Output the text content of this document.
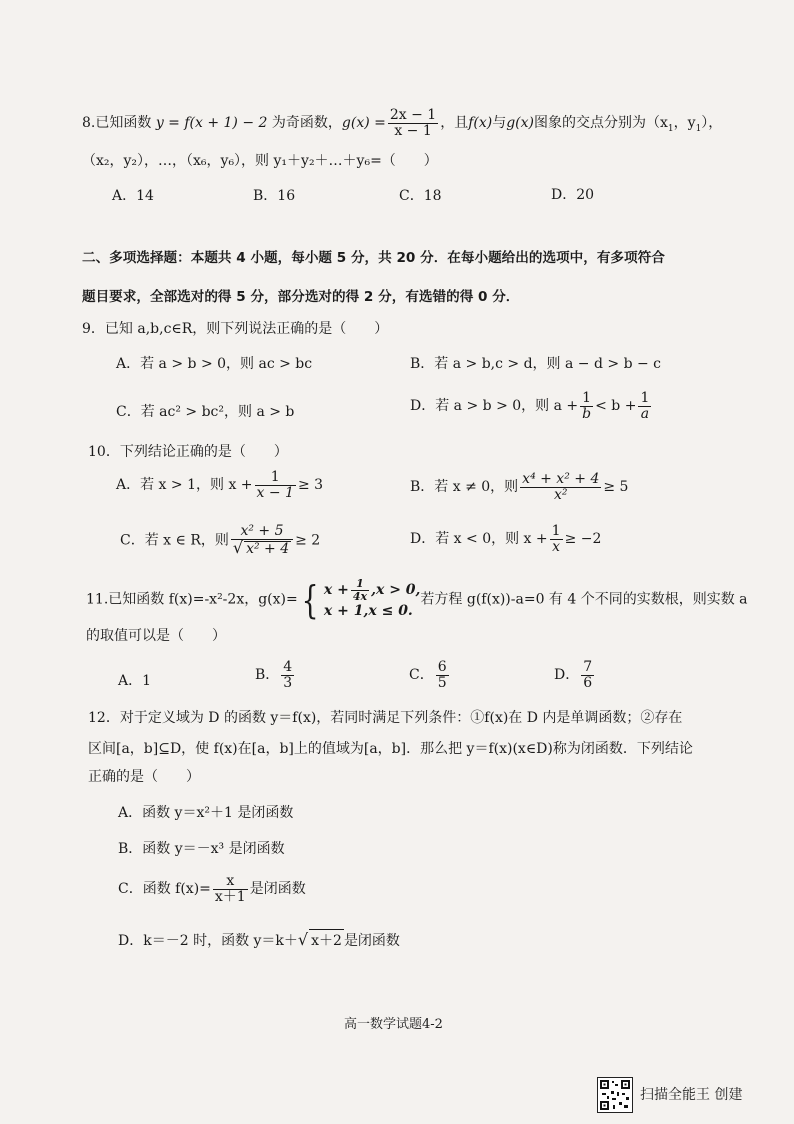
8.已知函数 y = f(x + 1) − 2 为奇函数，$g(x) = \frac{2x - 1}{x - 1}$ ，且f(x)与g(x)图象的交点分别为（$x_1$，$y_1$），
（x₂，y₂），…，（x₆，y₆），则 y₁＋y₂＋…＋y₆=（　　）
A．14	B．16	C．18	D．20
二、多项选择题：本题共 4 小题，每小题 5 分，共 20 分．在每小题给出的选项中，有多项符合
题目要求，全部选对的得 5 分，部分选对的得 2 分，有选错的得 0 分．
9．已知 a,b,c∈R，则下列说法正确的是（　　）
A．若 a > b > 0，则 ac > bc	B．若 a > b,c > d，则 a − d > b − c
C．若 ac² > bc²，则 a > b	D．若 a > b > 0，则 $a + \frac{1}{b} < b + \frac{1}{a}$
10．下列结论正确的是（　　）
A．若 x > 1，则 $x + \frac{1}{x - 1} \ge 3$	B．若 x ≠ 0，则 $\frac{\text{x⁴ + x² + 4}}{\text{x²}} \ge 5$
C．若 x ∈ R，则 $\frac{\text{x² + 5}}{\text{√ x² + 4}} \ge 2$	D．若 x < 0，则 $x + \frac{1}{x} \ge -2$
11.已知函数 f(x)=-x²-2x，g(x)={ $x + \frac{1}{4x} ,x > 0$,
x + 1,x ≤ 0.
若方程 g(f(x))-a=0 有 4 个不同的实数根，则实数 a
的取值可以是（　　）
A．1	B． $\frac{4}{3}$	C． $\frac{6}{5}$	D． $\frac{7}{6}$
12．对于定义域为 D 的函数 y＝f(x)，若同时满足下列条件：①f(x)在 D 内是单调函数；②存在
区间[a，b]⊆D，使 f(x)在[a，b]上的值域为[a，b]．那么把 y＝f(x)(x∈D)称为闭函数．下列结论
正确的是（　　）
A．函数 y＝x²＋1 是闭函数
B．函数 y＝－x³ 是闭函数
C．函数 $f(x)= \frac{x}{x+1}$ 是闭函数
D．k＝－2 时，函数 y＝k＋√ x＋2 是闭函数
高一数学试题4-2
扫描全能王 创建
